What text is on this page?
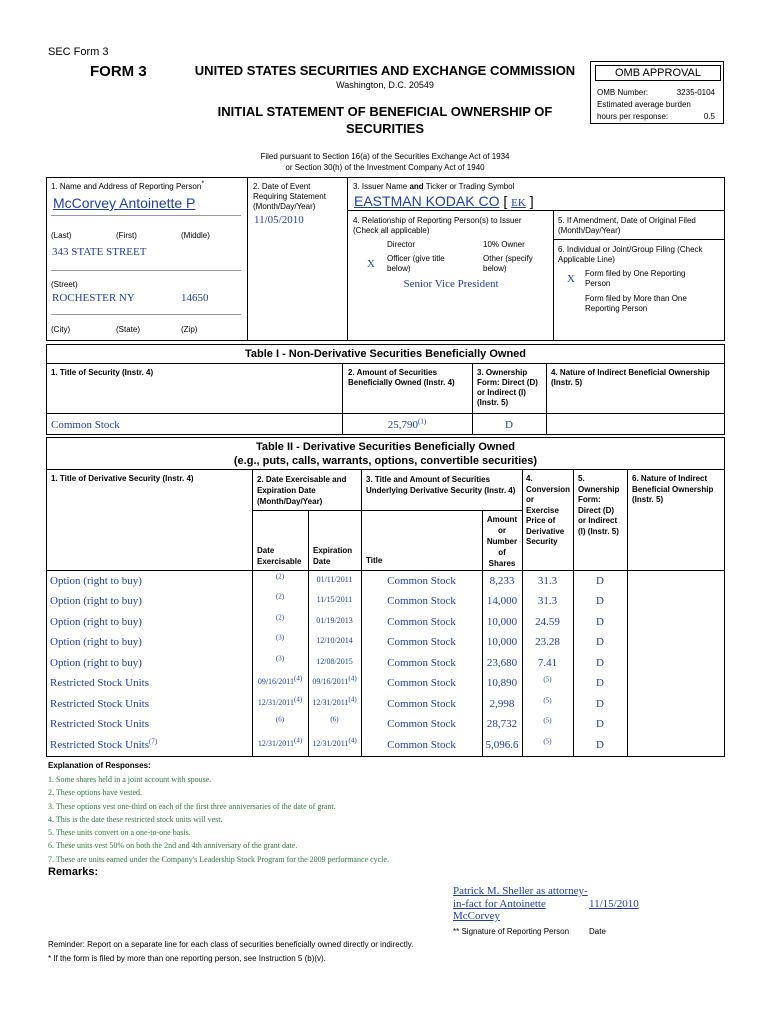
SEC Form 3
FORM 3	UNITED STATES SECURITIES AND EXCHANGE COMMISSION
Washington, D.C. 20549
INITIAL STATEMENT OF BENEFICIAL OWNERSHIP OF
SECURITIES
OMB APPROVAL
OMB Number:	3235-0104
Estimated average burden
hours per response:	0.5
Filed pursuant to Section 16(a) of the Securities Exchange Act of 1934
or Section 30(h) of the Investment Company Act of 1940
1. Name and Address of Reporting Person*
McCorvey Antoinette P
(Last)	(First)	(Middle)
343 STATE STREET
(Street)
ROCHESTER NY	14650
(City)	(State)	(Zip)
2. Date of Event
Requiring Statement
(Month/Day/Year)
11/05/2010
3. Issuer Name and Ticker or Trading Symbol
EASTMAN KODAK CO [ EK ]
4. Relationship of Reporting Person(s) to Issuer
(Check all applicable)
Director	10% Owner
X Officer (give title
below)
Other (specify
below)
Senior Vice President
5. If Amendment, Date of Original Filed
(Month/Day/Year)
6. Individual or Joint/Group Filing (Check
Applicable Line)
X Form filed by One Reporting
Person
Form filed by More than One
Reporting Person
Table I - Non-Derivative Securities Beneficially Owned
1. Title of Security (Instr. 4)	2. Amount of Securities
Beneficially Owned (Instr. 4)
3. Ownership
Form: Direct (D)
or Indirect (I)
(Instr. 5)
4. Nature of Indirect Beneficial Ownership
(Instr. 5)
Common Stock	25,790$^{(1)}$	D
Table II - Derivative Securities Beneficially Owned
(e.g., puts, calls, warrants, options, convertible securities)
1. Title of Derivative Security (Instr. 4)	2. Date Exercisable and
Expiration Date
(Month/Day/Year)
Date
Exercisable
Expiration
Date
3. Title and Amount of Securities
Underlying Derivative Security (Instr. 4)
Title
Amount
or
Number
of
Shares
4.
Conversion
or
Exercise
Price of
Derivative
Security
5.
Ownership
Form:
Direct (D)
or Indirect
(I) (Instr. 5)
6. Nature of Indirect
Beneficial Ownership
(Instr. 5)
Option (right to buy)	$^{(2)}$	01/11/2011	Common Stock	8,233	31.3	D
Option (right to buy)	$^{(2)}$	11/15/2011	Common Stock	14,000	31.3	D
Option (right to buy)	$^{(2)}$	01/19/2013	Common Stock	10,000	24.59	D
Option (right to buy)	$^{(3)}$	12/10/2014	Common Stock	10,000	23.28	D
Option (right to buy)	$^{(3)}$	12/08/2015	Common Stock	23,680	7.41	D
Restricted Stock Units	09/16/2011$^{(4)}$	09/16/2011$^{(4)}$	Common Stock	10,890	$^{(5)}$	D
Restricted Stock Units	12/31/2011$^{(4)}$	12/31/2011$^{(4)}$	Common Stock	2,998	$^{(5)}$	D
Restricted Stock Units	$^{(6)}$	$^{(6)}$	Common Stock	28,732	$^{(5)}$	D
Restricted Stock Units$^{(7)}$	12/31/2011$^{(4)}$	12/31/2011$^{(4)}$	Common Stock	5,096.6	$^{(5)}$	D
Explanation of Responses:
1. Some shares held in a joint account with spouse.
2. These options have vested.
3. These options vest one-third on each of the first three anniversaries of the date of grant.
4. This is the date these restricted stock units will vest.
5. These units convert on a one-to-one basis.
6. These units vest 50% on both the 2nd and 4th anniversary of the grant date.
7. These are units earned under the Company's Leadership Stock Program for the 2009 performance cycle.
Remarks:
Patrick M. Sheller as attorney-
in-fact for Antoinette
McCorvey
11/15/2010
** Signature of Reporting Person Date
Reminder: Report on a separate line for each class of securities beneficially owned directly or indirectly.
* If the form is filed by more than one reporting person, see Instruction 5 (b)(v).
